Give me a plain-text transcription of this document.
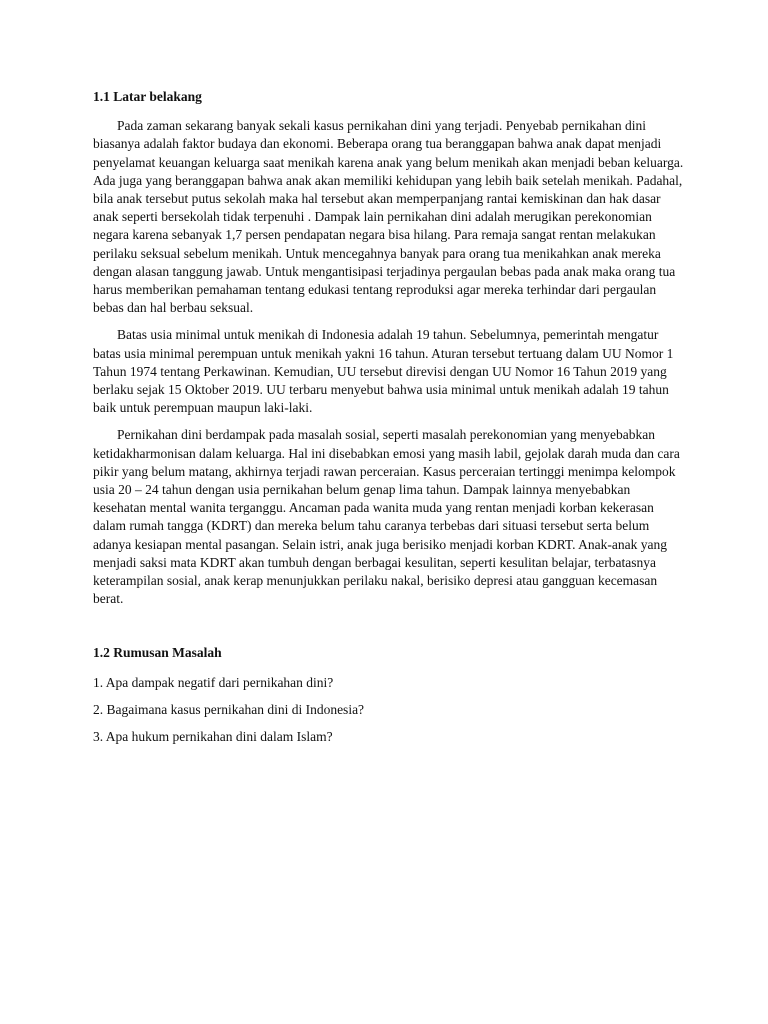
1.1 Latar belakang

Pada zaman sekarang banyak sekali kasus pernikahan dini yang terjadi. Penyebab pernikahan dini biasanya adalah faktor budaya dan ekonomi. Beberapa orang tua beranggapan bahwa anak dapat menjadi penyelamat keuangan keluarga saat menikah karena anak yang belum menikah akan menjadi beban keluarga. Ada juga yang beranggapan bahwa anak akan memiliki kehidupan yang lebih baik setelah menikah. Padahal, bila anak tersebut putus sekolah maka hal tersebut akan memperpanjang rantai kemiskinan dan hak dasar anak seperti bersekolah tidak terpenuhi . Dampak lain pernikahan dini adalah merugikan perekonomian negara karena sebanyak 1,7 persen pendapatan negara bisa hilang. Para remaja sangat rentan melakukan perilaku seksual sebelum menikah. Untuk mencegahnya banyak para orang tua menikahkan anak mereka dengan alasan tanggung jawab. Untuk mengantisipasi terjadinya pergaulan bebas pada anak maka orang tua harus memberikan pemahaman tentang edukasi tentang reproduksi agar mereka terhindar dari pergaulan bebas dan hal berbau seksual.

Batas usia minimal untuk menikah di Indonesia adalah 19 tahun. Sebelumnya, pemerintah mengatur batas usia minimal perempuan untuk menikah yakni 16 tahun. Aturan tersebut tertuang dalam UU Nomor 1 Tahun 1974 tentang Perkawinan. Kemudian, UU tersebut direvisi dengan UU Nomor 16 Tahun 2019 yang berlaku sejak 15 Oktober 2019. UU terbaru menyebut bahwa usia minimal untuk menikah adalah 19 tahun baik untuk perempuan maupun laki-laki.

Pernikahan dini berdampak pada masalah sosial, seperti masalah perekonomian yang menyebabkan ketidakharmonisan dalam keluarga. Hal ini disebabkan emosi yang masih labil, gejolak darah muda dan cara pikir yang belum matang, akhirnya terjadi rawan perceraian. Kasus perceraian tertinggi menimpa kelompok usia 20 – 24 tahun dengan usia pernikahan belum genap lima tahun. Dampak lainnya menyebabkan kesehatan mental wanita terganggu. Ancaman pada wanita muda yang rentan menjadi korban kekerasan dalam rumah tangga (KDRT) dan mereka belum tahu caranya terbebas dari situasi tersebut serta belum adanya kesiapan mental pasangan. Selain istri, anak juga berisiko menjadi korban KDRT. Anak-anak yang menjadi saksi mata KDRT akan tumbuh dengan berbagai kesulitan, seperti kesulitan belajar, terbatasnya keterampilan sosial, anak kerap menunjukkan perilaku nakal, berisiko depresi atau gangguan kecemasan berat.

1.2 Rumusan Masalah
1. Apa dampak negatif dari pernikahan dini?
2. Bagaimana kasus pernikahan dini di Indonesia?
3. Apa hukum pernikahan dini dalam Islam?
